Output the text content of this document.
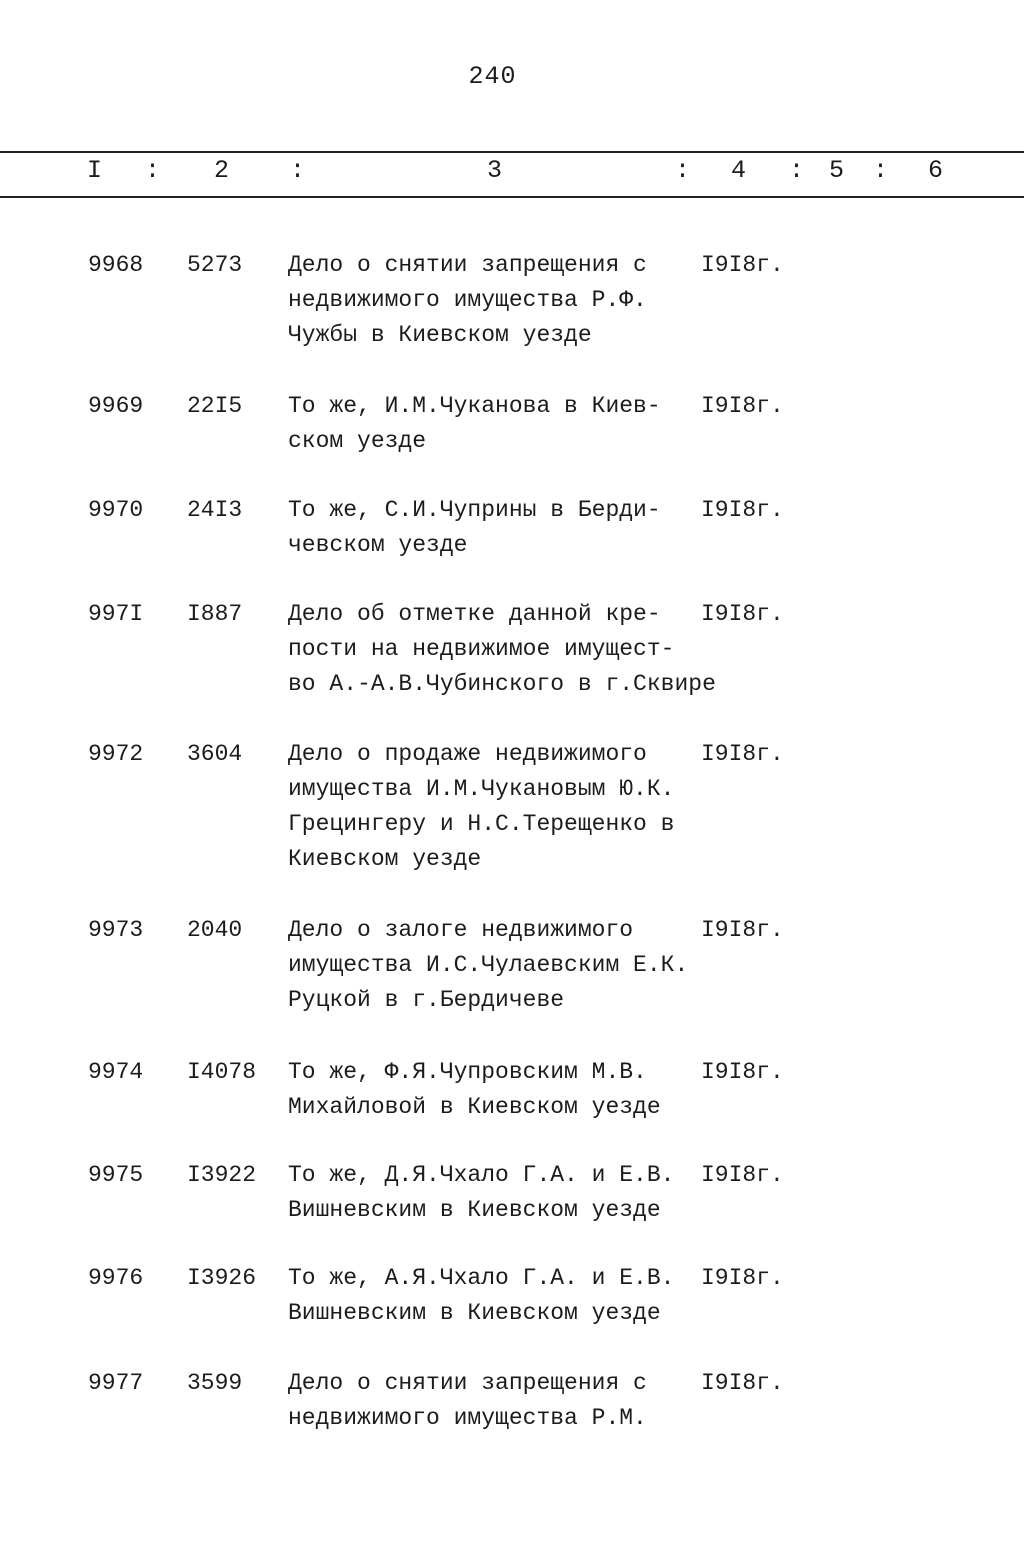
240
I : 2 :	3	: 4 : 5 : 6
9968 5273 Дело о снятии запрещения с
недвижимого имущества Р.Ф.
Чужбы в Киевском уезде
I9I8г.
9969 22I5 То же, И.М.Чуканова в Киев-
ском уезде
I9I8г.
9970 24I3 То же, С.И.Чуприны в Берди-
чевском уезде
I9I8г.
997I I887 Дело об отметке данной кре-
пости на недвижимое имущест-
во А.-А.В.Чубинского в г.Сквире
I9I8г.
9972 3604 Дело о продаже недвижимого
имущества И.М.Чукановым Ю.К.
Грецингеру и Н.С.Терещенко в
Киевском уезде
I9I8г.
9973 2040 Дело о залоге недвижимого
имущества И.С.Чулаевским Е.К.
Руцкой в г.Бердичеве
I9I8г.
9974 I4078 То же, Ф.Я.Чупровским М.В.
Михайловой в Киевском уезде
I9I8г.
9975 I3922 То же, Д.Я.Чхало Г.А. и Е.В.
Вишневским в Киевском уезде
I9I8г.
9976 I3926 То же, А.Я.Чхало Г.А. и Е.В.
Вишневским в Киевском уезде
I9I8г.
9977 3599 Дело о снятии запрещения с
недвижимого имущества Р.М.
I9I8г.
